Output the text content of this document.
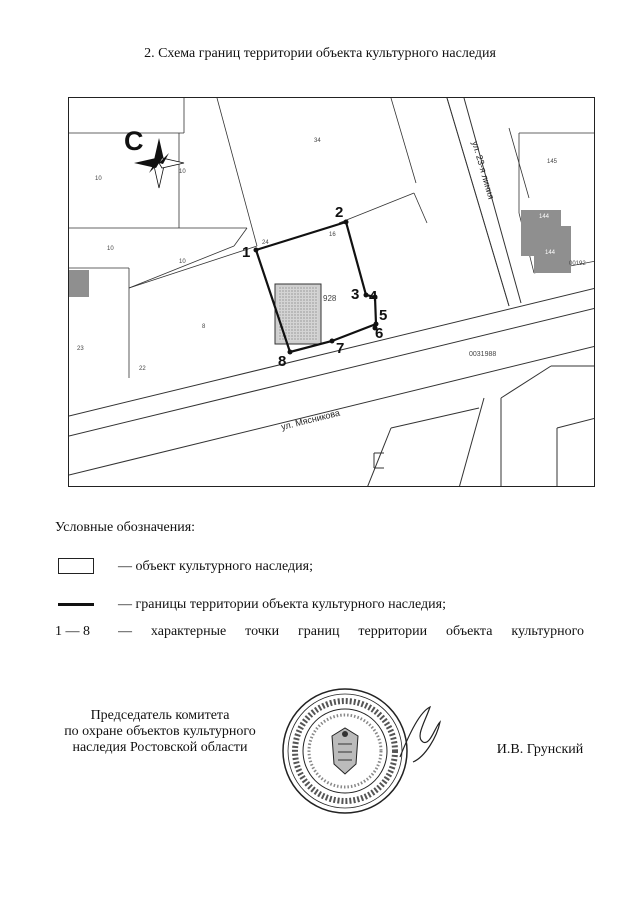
2. Схема границ территории объекта культурного наследия
1
2
3 4
5
6
7
8
С	34
10
10
10
10
24
16
8
22
23
928
145
144
37
144
00192
0031988
ул. 23-я линия
ул. Мясникова
Условные обозначения:
— объект культурного наследия;
— границы территории объекта культурного наследия;
1 — 8 — характерные точки границ территории объекта культурного
Председатель комитета
по охране объектов культурного
наследия Ростовской области	И.В. Грунский
